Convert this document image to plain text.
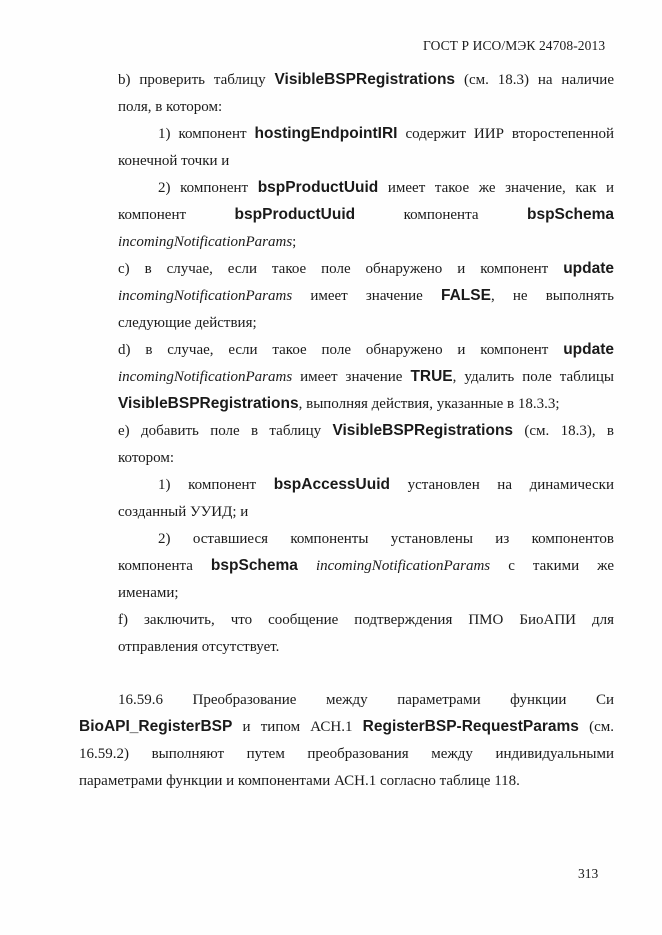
ГОСТ Р ИСО/МЭК 24708-2013
b) проверить таблицу VisibleBSPRegistrations (см. 18.3) на наличие
поля, в котором:
1) компонент hostingEndpointIRI содержит ИИР второстепенной
конечной точки и
2) компонент bspProductUuid имеет такое же значение, как и
компонент bspProductUuid компонента bspSchema
incomingNotificationParams;
c) в случае, если такое поле обнаружено и компонент update
incomingNotificationParams имеет значение FALSE, не выполнять
следующие действия;
d) в случае, если такое поле обнаружено и компонент update
incomingNotificationParams имеет значение TRUE, удалить поле таблицы
VisibleBSPRegistrations, выполняя действия, указанные в 18.3.3;
e) добавить поле в таблицу VisibleBSPRegistrations (см. 18.3), в
котором:
1) компонент bspAccessUuid установлен на динамически
созданный УУИД; и
2) оставшиеся компоненты установлены из компонентов
компонента bspSchema incomingNotificationParams с такими же
именами;
f) заключить, что сообщение подтверждения ПМО БиоАПИ для
отправления отсутствует.
16.59.6 Преобразование между параметрами функции Си
BioAPI_RegisterBSP и типом АСН.1 RegisterBSP-RequestParams (см.
16.59.2) выполняют путем преобразования между индивидуальными
параметрами функции и компонентами АСН.1 согласно таблице 118.
313
